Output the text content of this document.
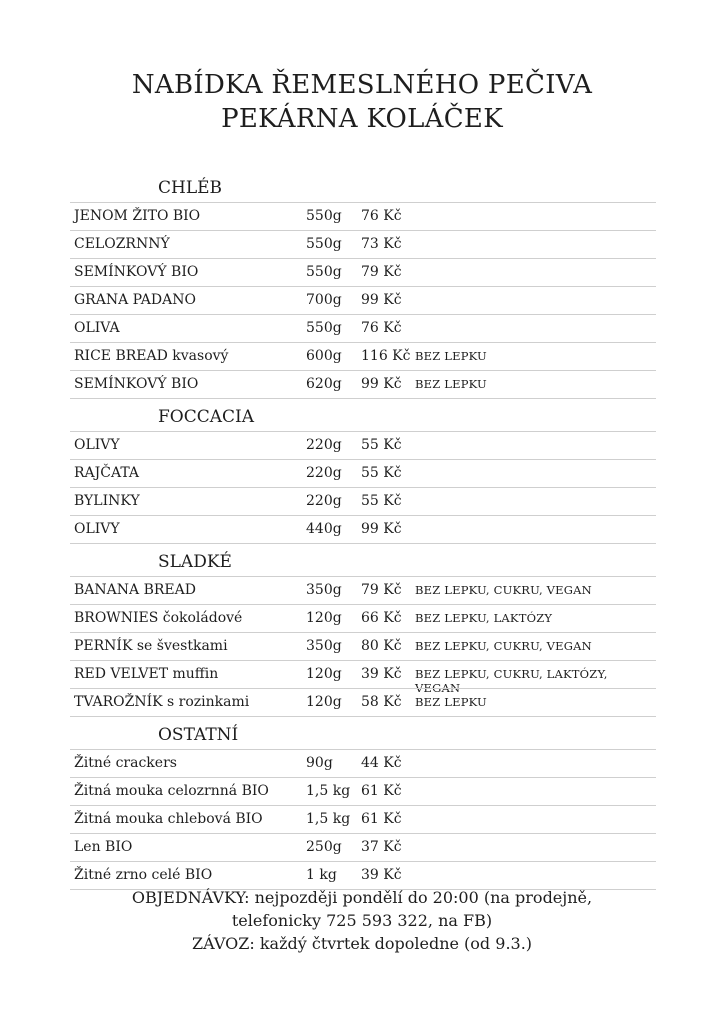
NABÍDKA ŘEMESLNÉHO PEČIVA
PEKÁRNA KOLÁČEK
CHLÉB
JENOM ŽITO BIO	550g 76 Kč
CELOZRNNÝ	550g 73 Kč
SEMÍNKOVÝ BIO	550g 79 Kč
GRANA PADANO	700g 99 Kč
OLIVA	550g 76 Kč
RICE BREAD kvasový	600g 116 Kč BEZ LEPKU
SEMÍNKOVÝ BIO	620g 99 Kč BEZ LEPKU
FOCCACIA
OLIVY	220g 55 Kč
RAJČATA	220g 55 Kč
BYLINKY	220g 55 Kč
OLIVY	440g 99 Kč
SLADKÉ
BANANA BREAD	350g 79 Kč BEZ LEPKU, CUKRU, VEGAN
BROWNIES čokoládové	120g 66 Kč BEZ LEPKU, LAKTÓZY
PERNÍK se švestkami	350g 80 Kč BEZ LEPKU, CUKRU, VEGAN
RED VELVET muffin	120g 39 Kč BEZ LEPKU, CUKRU, LAKTÓZY, VEGAN
TVAROŽNÍK s rozinkami	120g 58 Kč BEZ LEPKU
OSTATNÍ
Žitné crackers	90g 44 Kč
Žitná mouka celozrnná BIO	1,5 kg 61 Kč
Žitná mouka chlebová BIO	1,5 kg 61 Kč
Len BIO	250g 37 Kč
Žitné zrno celé BIO	1 kg 39 Kč
OBJEDNÁVKY: nejpozději pondělí do 20:00 (na prodejně,
telefonicky 725 593 322, na FB)
ZÁVOZ: každý čtvrtek dopoledne (od 9.3.)
